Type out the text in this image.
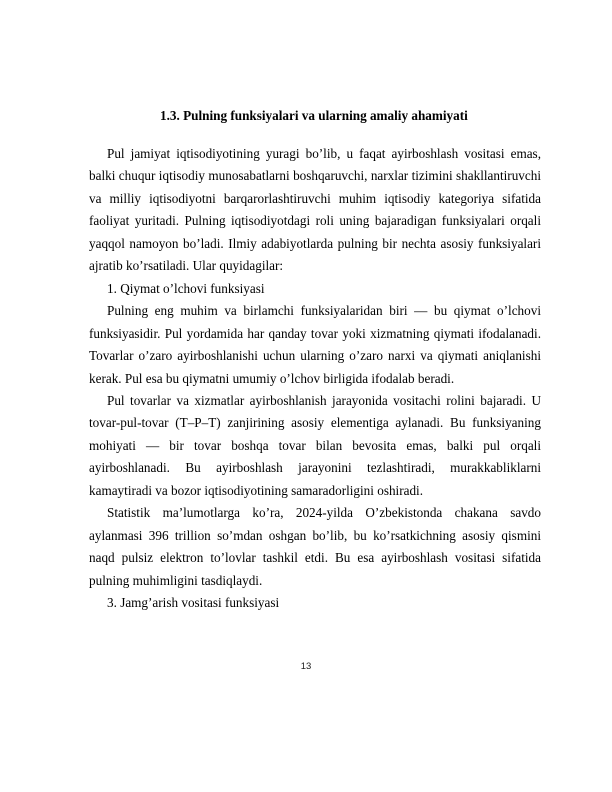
1.3. Pulning funksiyalari va ularning amaliy ahamiyati

Pul jamiyat iqtisodiyotining yuragi bo’lib, u faqat ayirboshlash vositasi emas, balki chuqur iqtisodiy munosabatlarni boshqaruvchi, narxlar tizimini shakllantiruvchi va milliy iqtisodiyotni barqarorlashtiruvchi muhim iqtisodiy kategoriya sifatida faoliyat yuritadi. Pulning iqtisodiyotdagi roli uning bajaradigan funksiyalari orqali yaqqol namoyon bo’ladi. Ilmiy adabiyotlarda pulning bir nechta asosiy funksiyalari ajratib ko’rsatiladi. Ular quyidagilar:

1. Qiymat o’lchovi funksiyasi

Pulning eng muhim va birlamchi funksiyalaridan biri — bu qiymat o’lchovi funksiyasidir. Pul yordamida har qanday tovar yoki xizmatning qiymati ifodalanadi. Tovarlar o’zaro ayirboshlanishi uchun ularning o’zaro narxi va qiymati aniqlanishi kerak. Pul esa bu qiymatni umumiy o’lchov birligida ifodalab beradi.

Pul tovarlar va xizmatlar ayirboshlanish jarayonida vositachi rolini bajaradi. U tovar-pul-tovar (T–P–T) zanjirining asosiy elementiga aylanadi. Bu funksiyaning mohiyati — bir tovar boshqa tovar bilan bevosita emas, balki pul orqali ayirboshlanadi. Bu ayirboshlash jarayonini tezlashtiradi, murakkabliklarni kamaytiradi va bozor iqtisodiyotining samaradorligini oshiradi.

Statistik ma’lumotlarga ko’ra, 2024-yilda O’zbekistonda chakana savdo aylanmasi 396 trillion so’mdan oshgan bo’lib, bu ko’rsatkichning asosiy qismini naqd pulsiz elektron to’lovlar tashkil etdi. Bu esa ayirboshlash vositasi sifatida pulning muhimligini tasdiqlaydi.

3. Jamg’arish vositasi funksiyasi

13
